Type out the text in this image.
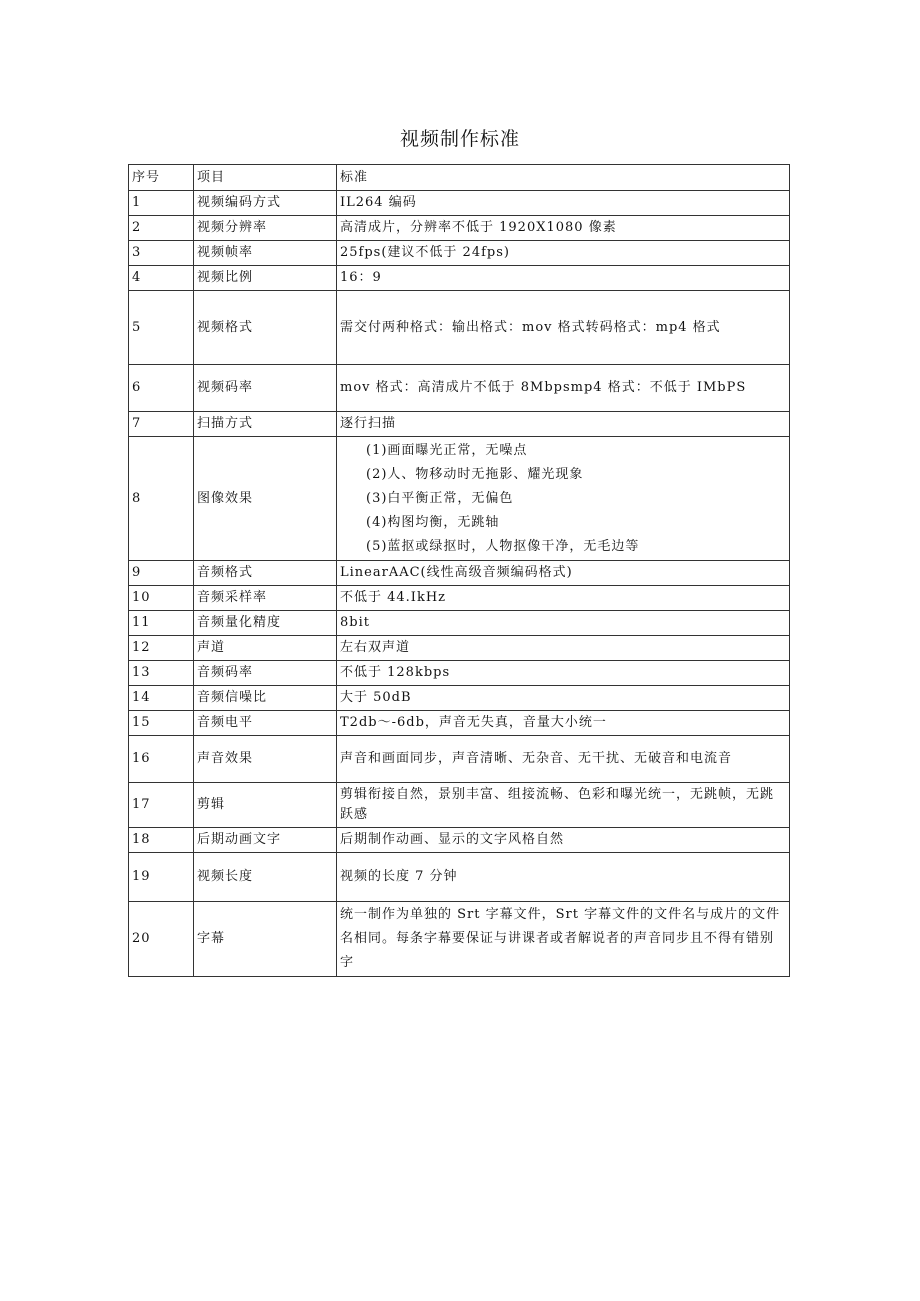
视频制作标准
序号	项目	标准
1	视频编码方式	IL264 编码
2	视频分辨率	高清成片，分辨率不低于 1920X1080 像素
3	视频帧率	25fps(建议不低于 24fps)
4	视频比例	16：9
5	视频格式	需交付两种格式：输出格式：mov 格式转码格式：mp4 格式
6	视频码率	mov 格式：高清成片不低于 8Mbpsmp4 格式：不低于 IMbPS
7	扫描方式	逐行扫描
8	图像效果	(1)画面曝光正常，无噪点
(2)人、物移动时无拖影、耀光现象
(3)白平衡正常，无偏色
(4)构图均衡，无跳轴
(5)蓝抠或绿抠时，人物抠像干净，无毛边等

9	音频格式	LinearAAC(线性高级音频编码格式)
10	音频采样率	不低于 44.IkHz
11	音频量化精度	8bit
12	声道	左右双声道
13	音频码率	不低于 128kbps
14	音频信噪比	大于 50dB
15	音频电平	T2db～-6db，声音无失真，音量大小统一
16	声音效果	声音和画面同步，声音清晰、无杂音、无干扰、无破音和电流音
17	剪辑	剪辑衔接自然，景别丰富、组接流畅、色彩和曝光统一，无跳帧，无跳跃感
18	后期动画文字	后期制作动画、显示的文字风格自然
19	视频长度	视频的长度 7 分钟
20	字幕	统一制作为单独的 Srt 字幕文件，Srt 字幕文件的文件名与成片的文件名相同。每条字幕要保证与讲课者或者解说者的声音同步且不得有错别字
